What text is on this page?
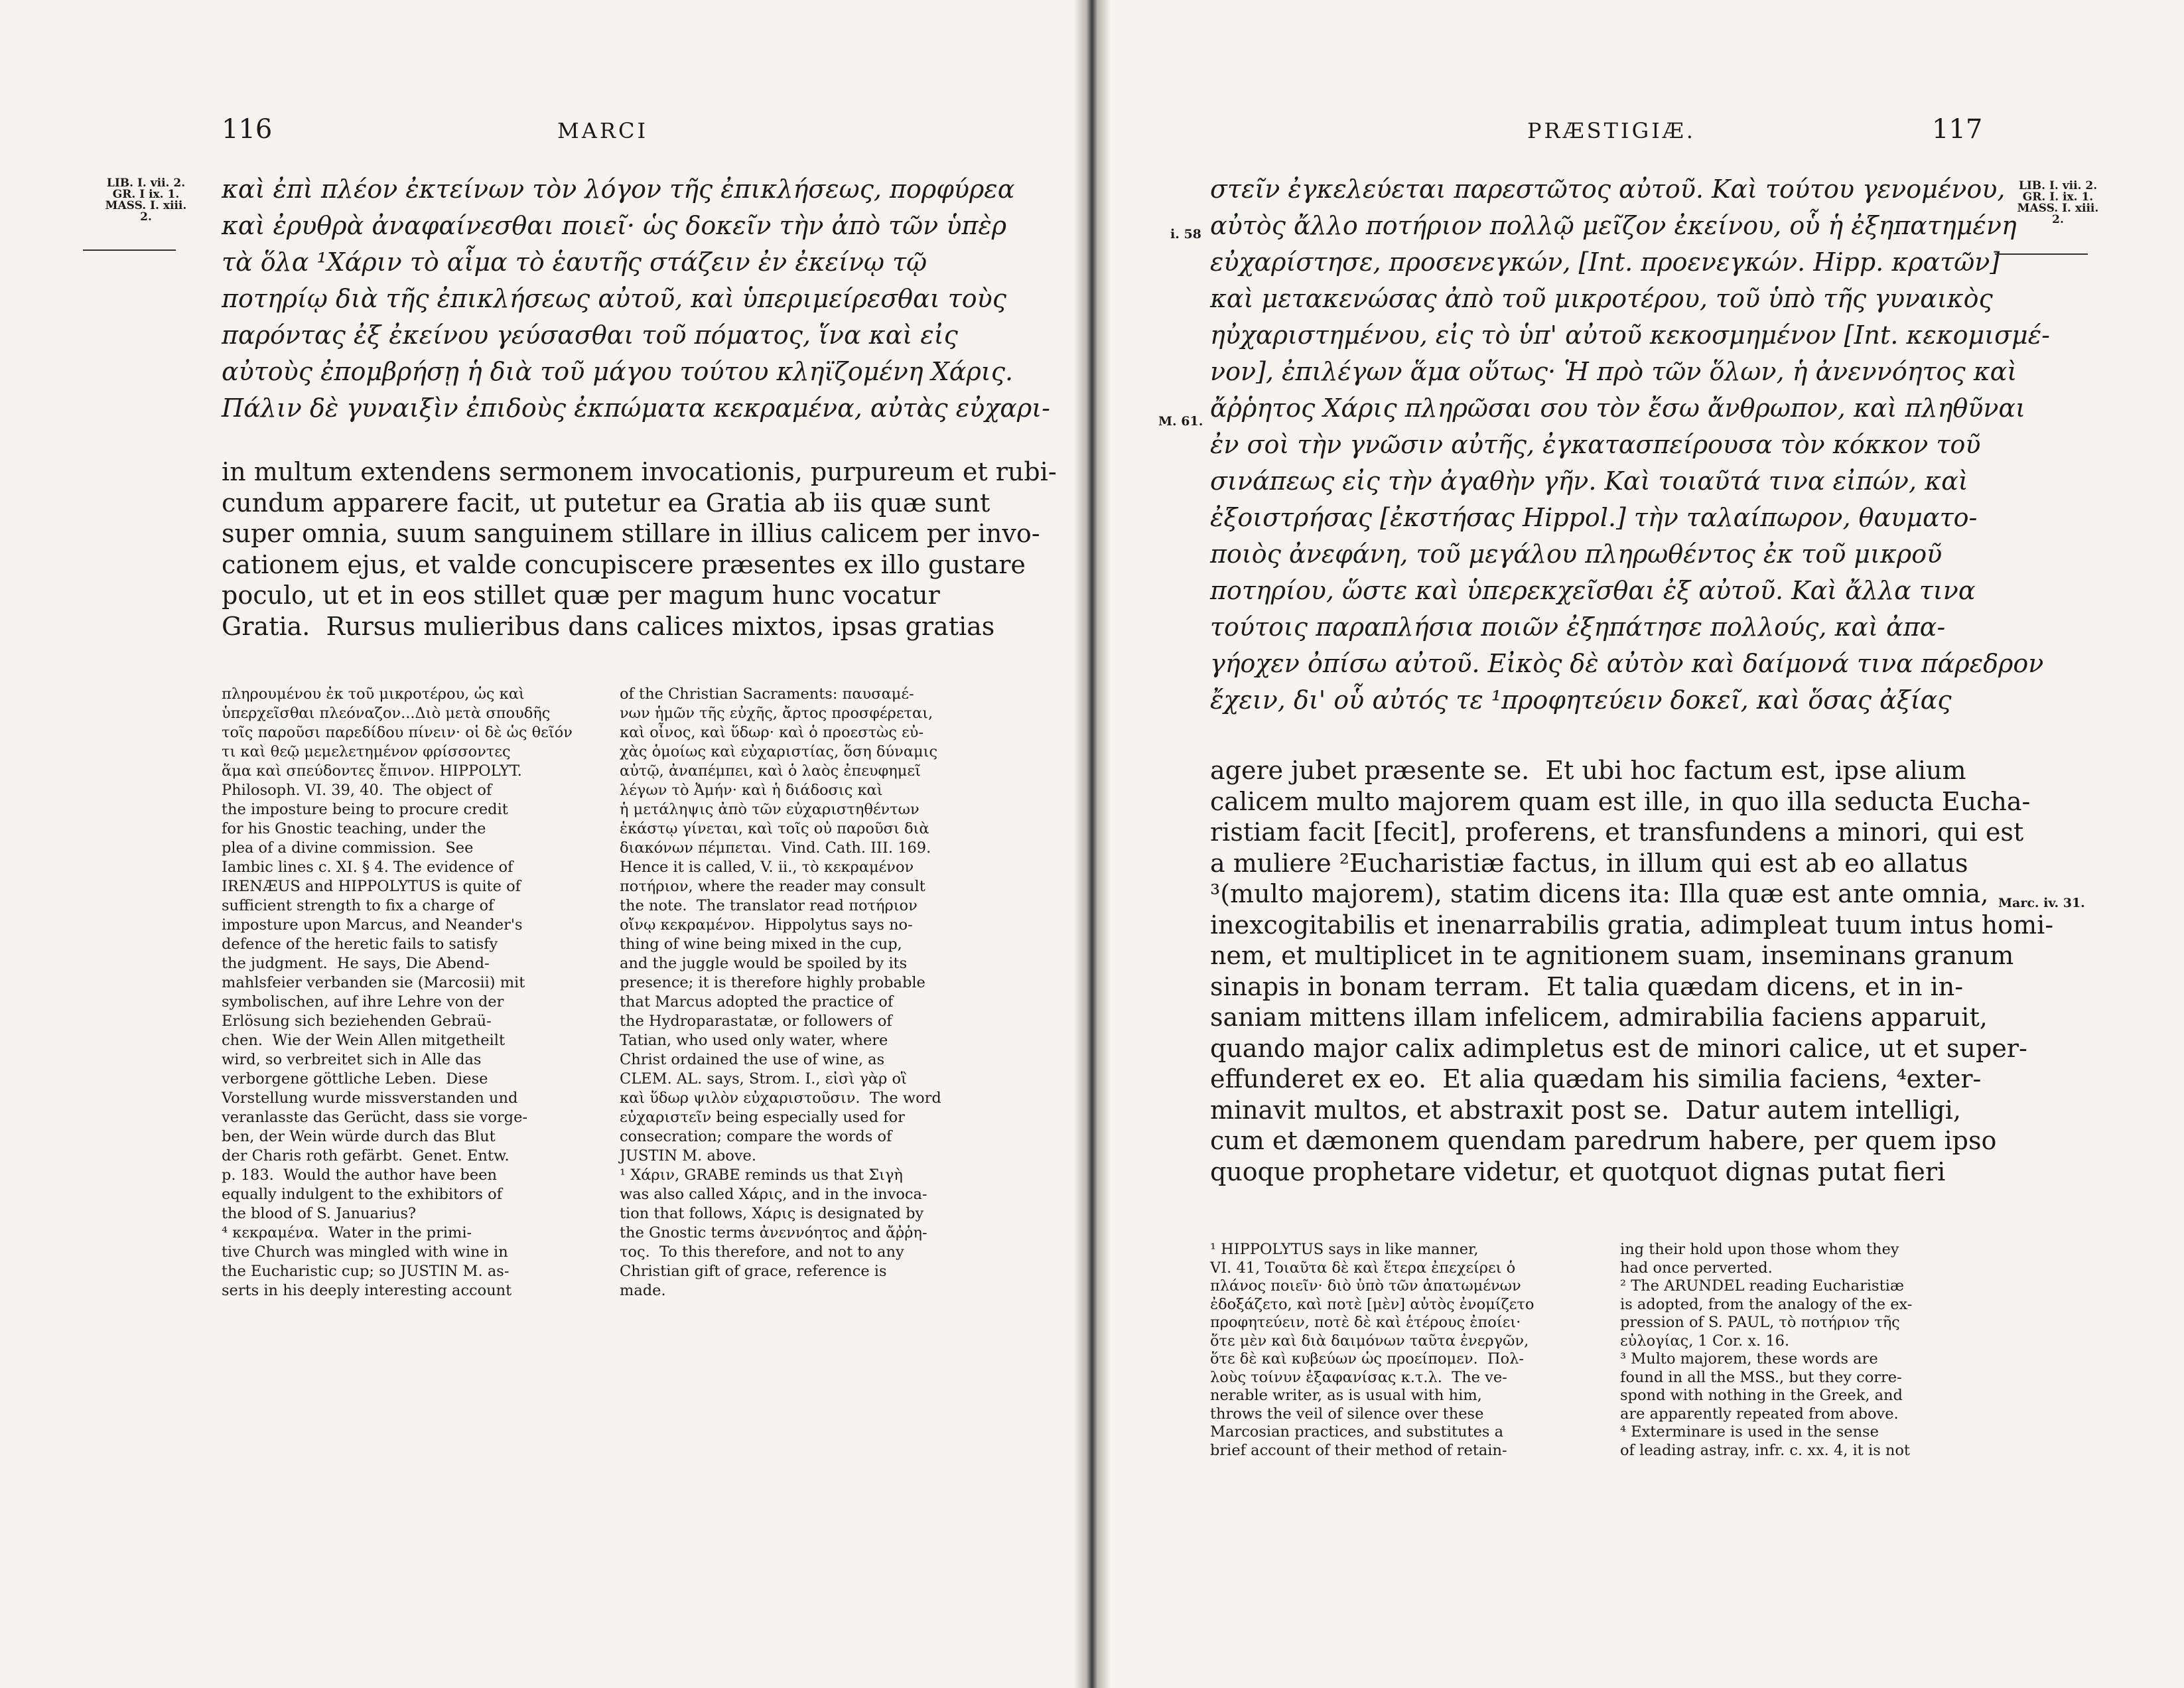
116	MARCI
LIB. I. vii. 2.
GR. I ix. 1.
MASS. I. xiii.
2.
καὶ ἐπὶ πλέον ἐκτείνων τὸν λόγον τῆς ἐπικλήσεως, πορφύρεα
καὶ ἐρυθρὰ ἀναφαίνεσθαι ποιεῖ· ὡς δοκεῖν τὴν ἀπὸ τῶν ὑπὲρ
τὰ ὅλα ¹Χάριν τὸ αἷμα τὸ ἑαυτῆς στάζειν ἐν ἐκείνῳ τῷ
ποτηρίῳ διὰ τῆς ἐπικλήσεως αὐτοῦ, καὶ ὑπεριμείρεσθαι τοὺς
παρόντας ἐξ ἐκείνου γεύσασθαι τοῦ πόματος, ἵνα καὶ εἰς
αὐτοὺς ἐπομβρήσῃ ἡ διὰ τοῦ μάγου τούτου κληϊζομένη Χάρις.
Πάλιν δὲ γυναιξὶν ἐπιδοὺς ἐκπώματα κεκραμένα, αὐτὰς εὐχαρι-
in multum extendens sermonem invocationis, purpureum et rubi-
cundum apparere facit, ut putetur ea Gratia ab iis quæ sunt
super omnia, suum sanguinem stillare in illius calicem per invo-
cationem ejus, et valde concupiscere præsentes ex illo gustare
poculo, ut et in eos stillet quæ per magum hunc vocatur
Gratia.  Rursus mulieribus dans calices mixtos, ipsas gratias
πληρουμένου ἐκ τοῦ μικροτέρου, ὡς καὶ
ὑπερχεῖσθαι πλεόναζον...Διὸ μετὰ σπουδῆς
τοῖς παροῦσι παρεδίδου πίνειν· οἱ δὲ ὡς θεῖόν
τι καὶ θεῷ μεμελετημένον φρίσσοντες
ἅμα καὶ σπεύδοντες ἔπινον. HIPPOLYT.
Philosoph. VI. 39, 40.  The object of
the imposture being to procure credit
for his Gnostic teaching, under the
plea of a divine commission.  See
Iambic lines c. XI. § 4. The evidence of
IRENÆUS and HIPPOLYTUS is quite of
sufficient strength to fix a charge of
imposture upon Marcus, and Neander's
defence of the heretic fails to satisfy
the judgment.  He says, Die Abend-
mahlsfeier verbanden sie (Marcosii) mit
symbolischen, auf ihre Lehre von der
Erlösung sich beziehenden Gebraü-
chen.  Wie der Wein Allen mitgetheilt
wird, so verbreitet sich in Alle das
verborgene göttliche Leben.  Diese
Vorstellung wurde missverstanden und
veranlasste das Gerücht, dass sie vorge-
ben, der Wein würde durch das Blut
der Charis roth gefärbt.  Genet. Entw.
p. 183.  Would the author have been
equally indulgent to the exhibitors of
the blood of S. Januarius?
⁴ κεκραμένα.  Water in the primi-
tive Church was mingled with wine in
the Eucharistic cup; so JUSTIN M. as-
serts in his deeply interesting account
of the Christian Sacraments: παυσαμέ-
νων ἡμῶν τῆς εὐχῆς, ἄρτος προσφέρεται,
καὶ οἶνος, καὶ ὕδωρ· καὶ ὁ προεστὼς εὐ-
χὰς ὁμοίως καὶ εὐχαριστίας, ὅση δύναμις
αὐτῷ, ἀναπέμπει, καὶ ὁ λαὸς ἐπευφημεῖ
λέγων τὸ Ἀμήν· καὶ ἡ διάδοσις καὶ
ἡ μετάληψις ἀπὸ τῶν εὐχαριστηθέντων
ἑκάστῳ γίνεται, καὶ τοῖς οὐ παροῦσι διὰ
διακόνων πέμπεται.  Vind. Cath. III. 169.
Hence it is called, V. ii., τὸ κεκραμένον
ποτήριον, where the reader may consult
the note.  The translator read ποτήριον
οἴνῳ κεκραμένον.  Hippolytus says no-
thing of wine being mixed in the cup,
and the juggle would be spoiled by its
presence; it is therefore highly probable
that Marcus adopted the practice of
the Hydroparastatæ, or followers of
Tatian, who used only water, where
Christ ordained the use of wine, as
CLEM. AL. says, Strom. I., εἰσὶ γὰρ οἳ
καὶ ὕδωρ ψιλὸν εὐχαριστοῦσιν.  The word
εὐχαριστεῖν being especially used for
consecration; compare the words of
JUSTIN M. above.
¹ Χάριν, GRABE reminds us that Σιγὴ
was also called Χάρις, and in the invoca-
tion that follows, Χάρις is designated by
the Gnostic terms ἀνεννόητος and ἄῤῥη-
τος.  To this therefore, and not to any
Christian gift of grace, reference is
made.
PRÆSTIGIÆ.	117
i. 58
M. 61.
στεῖν ἐγκελεύεται παρεστῶτος αὐτοῦ. Καὶ τούτου γενομένου,
αὐτὸς ἄλλο ποτήριον πολλῷ μεῖζον ἐκείνου, οὗ ἡ ἐξηπατημένη
εὐχαρίστησε, προσενεγκών, [Int. προενεγκών. Ηipp. κρατῶν]
καὶ μετακενώσας ἀπὸ τοῦ μικροτέρου, τοῦ ὑπὸ τῆς γυναικὸς
ηὐχαριστημένου, εἰς τὸ ὑπ' αὐτοῦ κεκοσμημένον [Int. κεκομισμέ-
νον], ἐπιλέγων ἅμα οὕτως· Ἡ πρὸ τῶν ὅλων, ἡ ἀνεννόητος καὶ
ἄῤῥητος Χάρις πληρῶσαι σου τὸν ἔσω ἄνθρωπον, καὶ πληθῦναι
ἐν σοὶ τὴν γνῶσιν αὐτῆς, ἐγκατασπείρουσα τὸν κόκκον τοῦ
σινάπεως εἰς τὴν ἀγαθὴν γῆν. Καὶ τοιαῦτά τινα εἰπών, καὶ
ἐξοιστρήσας [ἐκστήσας Ηippol.] τὴν ταλαίπωρον, θαυματο-
ποιὸς ἀνεφάνη, τοῦ μεγάλου πληρωθέντος ἐκ τοῦ μικροῦ
ποτηρίου, ὥστε καὶ ὑπερεκχεῖσθαι ἐξ αὐτοῦ. Καὶ ἄλλα τινα
τούτοις παραπλήσια ποιῶν ἐξηπάτησε πολλούς, καὶ ἀπα-
γήοχεν ὀπίσω αὐτοῦ. Εἰκὸς δὲ αὐτὸν καὶ δαίμονά τινα πάρεδρον
ἔχειν, δι' οὗ αὐτός τε ¹προφητεύειν δοκεῖ, καὶ ὅσας ἀξίας
agere jubet præsente se.  Et ubi hoc factum est, ipse alium
calicem multo majorem quam est ille, in quo illa seducta Eucha-
ristiam facit [fecit], proferens, et transfundens a minori, qui est
a muliere ²Eucharistiæ factus, in illum qui est ab eo allatus
³(multo majorem), statim dicens ita: Illa quæ est ante omnia,
inexcogitabilis et inenarrabilis gratia, adimpleat tuum intus homi-
nem, et multiplicet in te agnitionem suam, inseminans granum
sinapis in bonam terram.  Et talia quædam dicens, et in in-
saniam mittens illam infelicem, admirabilia faciens apparuit,
quando major calix adimpletus est de minori calice, ut et super-
effunderet ex eo.  Et alia quædam his similia faciens, ⁴exter-
minavit multos, et abstraxit post se.  Datur autem intelligi,
cum et dæmonem quendam paredrum habere, per quem ipso
quoque prophetare videtur, et quotquot dignas putat fieri
LIB. I. vii. 2.
GR. I. ix. 1.
MASS. I. xiii.
2.
Marc. iv. 31.
¹ HIPPOLYTUS says in like manner,
VI. 41, Τοιαῦτα δὲ καὶ ἕτερα ἐπεχείρει ὁ
πλάνος ποιεῖν· διὸ ὑπὸ τῶν ἀπατωμένων
ἐδοξάζετο, καὶ ποτὲ [μὲν] αὐτὸς ἐνομίζετο
προφητεύειν, ποτὲ δὲ καὶ ἑτέρους ἐποίει·
ὅτε μὲν καὶ διὰ δαιμόνων ταῦτα ἐνεργῶν,
ὅτε δὲ καὶ κυβεύων ὡς προείπομεν.  Πολ-
λοὺς τοίνυν ἐξαφανίσας κ.τ.λ.  The ve-
nerable writer, as is usual with him,
throws the veil of silence over these
Marcosian practices, and substitutes a
brief account of their method of retain-
ing their hold upon those whom they
had once perverted.
² The ARUNDEL reading Eucharistiæ
is adopted, from the analogy of the ex-
pression of S. PAUL, τὸ ποτήριον τῆς
εὐλογίας, 1 Cor. x. 16.
³ Multo majorem, these words are
found in all the MSS., but they corre-
spond with nothing in the Greek, and
are apparently repeated from above.
⁴ Exterminare is used in the sense
of leading astray, infr. c. xx. 4, it is not
